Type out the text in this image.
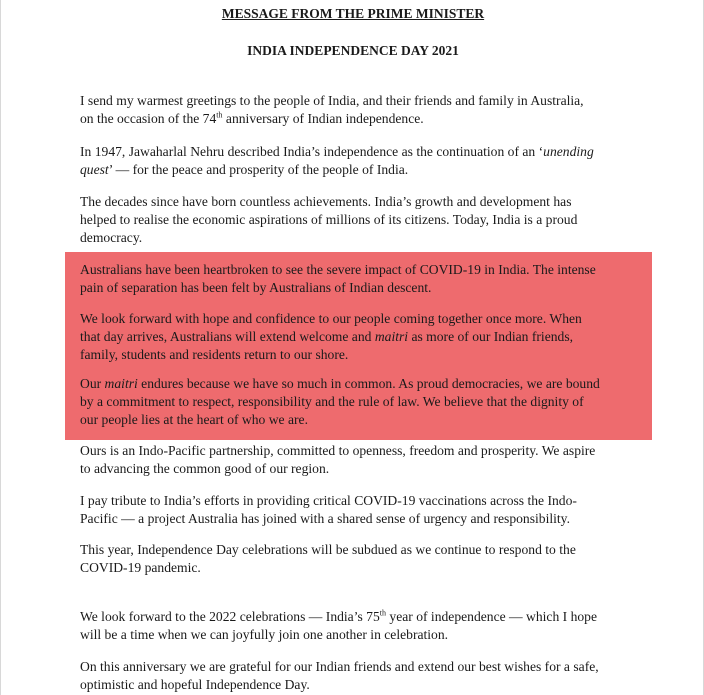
MESSAGE FROM THE PRIME MINISTER
INDIA INDEPENDENCE DAY 2021
I send my warmest greetings to the people of India, and their friends and family in Australia,
on the occasion of the 74th anniversary of Indian independence.
In 1947, Jawaharlal Nehru described India’s independence as the continuation of an ‘unending
quest’ — for the peace and prosperity of the people of India.
The decades since have born countless achievements. India’s growth and development has
helped to realise the economic aspirations of millions of its citizens. Today, India is a proud
democracy.
Australians have been heartbroken to see the severe impact of COVID-19 in India. The intense
pain of separation has been felt by Australians of Indian descent.
We look forward with hope and confidence to our people coming together once more. When
that day arrives, Australians will extend welcome and maitri as more of our Indian friends,
family, students and residents return to our shore.
Our maitri endures because we have so much in common. As proud democracies, we are bound
by a commitment to respect, responsibility and the rule of law. We believe that the dignity of
our people lies at the heart of who we are.
Ours is an Indo-Pacific partnership, committed to openness, freedom and prosperity. We aspire
to advancing the common good of our region.
I pay tribute to India’s efforts in providing critical COVID-19 vaccinations across the Indo-
Pacific — a project Australia has joined with a shared sense of urgency and responsibility.
This year, Independence Day celebrations will be subdued as we continue to respond to the
COVID-19 pandemic.
We look forward to the 2022 celebrations — India’s 75th year of independence — which I hope
will be a time when we can joyfully join one another in celebration.
On this anniversary we are grateful for our Indian friends and extend our best wishes for a safe,
optimistic and hopeful Independence Day.
